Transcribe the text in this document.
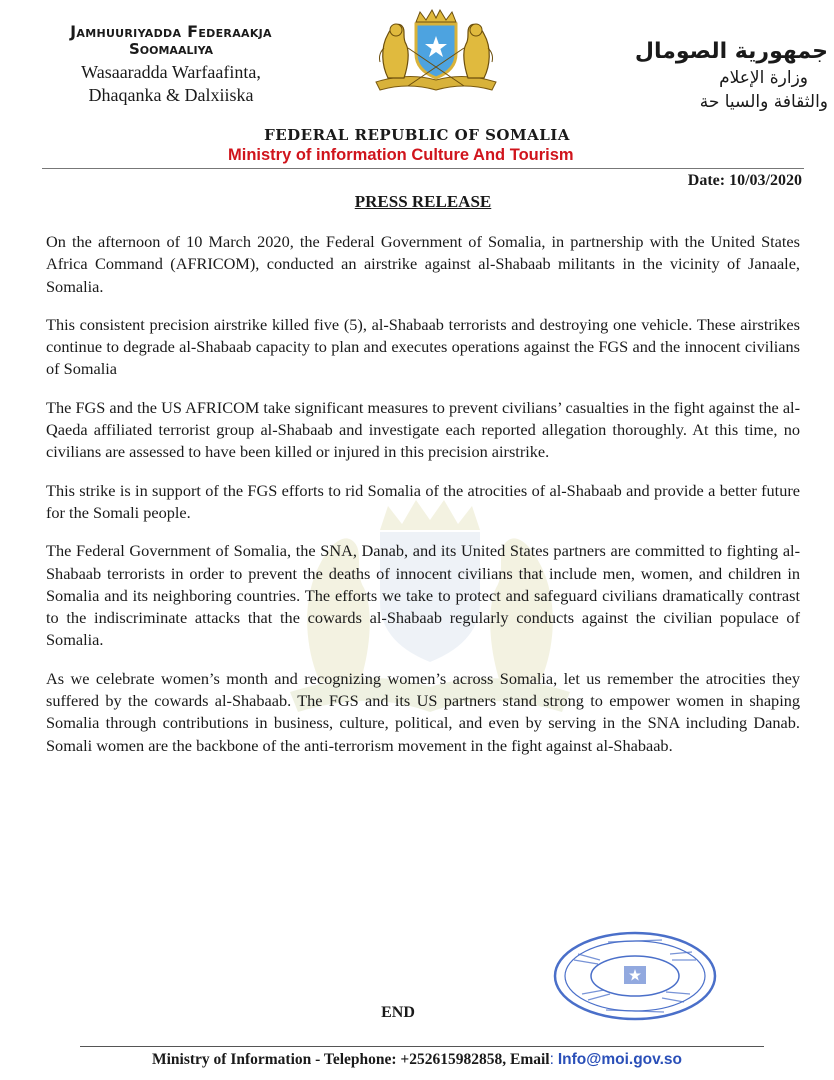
Jamhuuriyadda Federaakja
Soomaaliya
Wasaaradda Warfaafinta,
Dhaqanka & Dalxiiska
جمهورية الصومال
وزارة الإعلام
والثقافة والسيا حة
FEDERAL REPUBLIC OF SOMALIA
Ministry of information Culture And Tourism
Date: 10/03/2020
PRESS RELEASE

On the afternoon of 10 March 2020, the Federal Government of Somalia, in partnership with the United States Africa Command (AFRICOM), conducted an airstrike against al-Shabaab militants in the vicinity of Janaale, Somalia.

This consistent precision airstrike killed five (5), al-Shabaab terrorists and destroying one vehicle. These airstrikes continue to degrade al-Shabaab capacity to plan and executes operations against the FGS and the innocent civilians of Somalia

The FGS and the US AFRICOM take significant measures to prevent civilians’ casualties in the fight against the al-Qaeda affiliated terrorist group al-Shabaab and investigate each reported allegation thoroughly. At this time, no civilians are assessed to have been killed or injured in this precision airstrike.

This strike is in support of the FGS efforts to rid Somalia of the atrocities of al-Shabaab and provide a better future for the Somali people.

The Federal Government of Somalia, the SNA, Danab, and its United States partners are committed to fighting al-Shabaab terrorists in order to prevent the deaths of innocent civilians that include men, women, and children in Somalia and its neighboring countries. The efforts we take to protect and safeguard civilians dramatically contrast to the indiscriminate attacks that the cowards al-Shabaab regularly conducts against the civilian populace of Somalia.

As we celebrate women’s month and recognizing women’s across Somalia, let us remember the atrocities they suffered by the cowards al-Shabaab. The FGS and its US partners stand strong to empower women in shaping Somalia through contributions in business, culture, political, and even by serving in the SNA including Danab. Somali women are the backbone of the anti-terrorism movement in the fight against al-Shabaab.

END
Ministry of Information - Telephone: +252615982858, Email: Info@moi.gov.so
